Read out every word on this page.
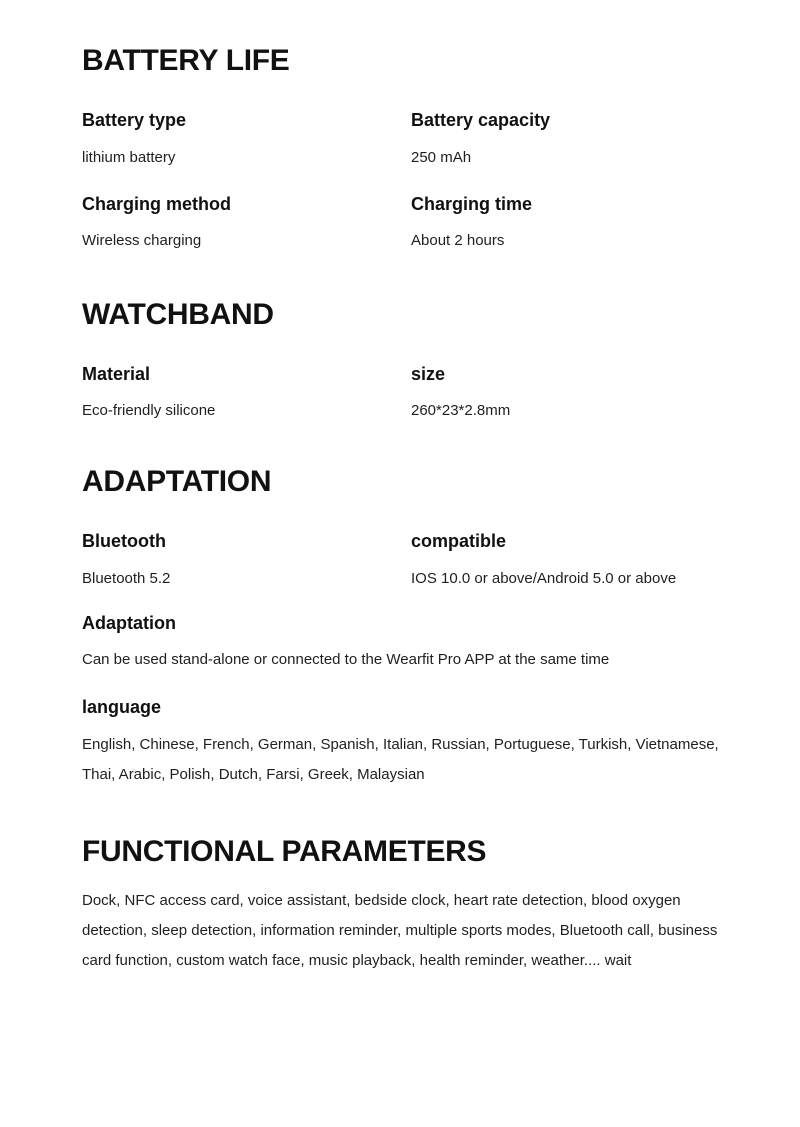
BATTERY LIFE
Battery type
lithium battery
Battery capacity
250 mAh
Charging method
Wireless charging
Charging time
About 2 hours
WATCHBAND
Material
Eco-friendly silicone
size
260*23*2.8mm
ADAPTATION
Bluetooth
Bluetooth 5.2
compatible
IOS 10.0 or above/Android 5.0 or above
Adaptation
Can be used stand-alone or connected to the Wearfit Pro APP at the same time
language
English, Chinese, French, German, Spanish, Italian, Russian, Portuguese, Turkish, Vietnamese, Thai, Arabic, Polish, Dutch, Farsi, Greek, Malaysian
FUNCTIONAL PARAMETERS
Dock, NFC access card, voice assistant, bedside clock, heart rate detection, blood oxygen detection, sleep detection, information reminder, multiple sports modes, Bluetooth call, business card function, custom watch face, music playback, health reminder, weather.... wait
